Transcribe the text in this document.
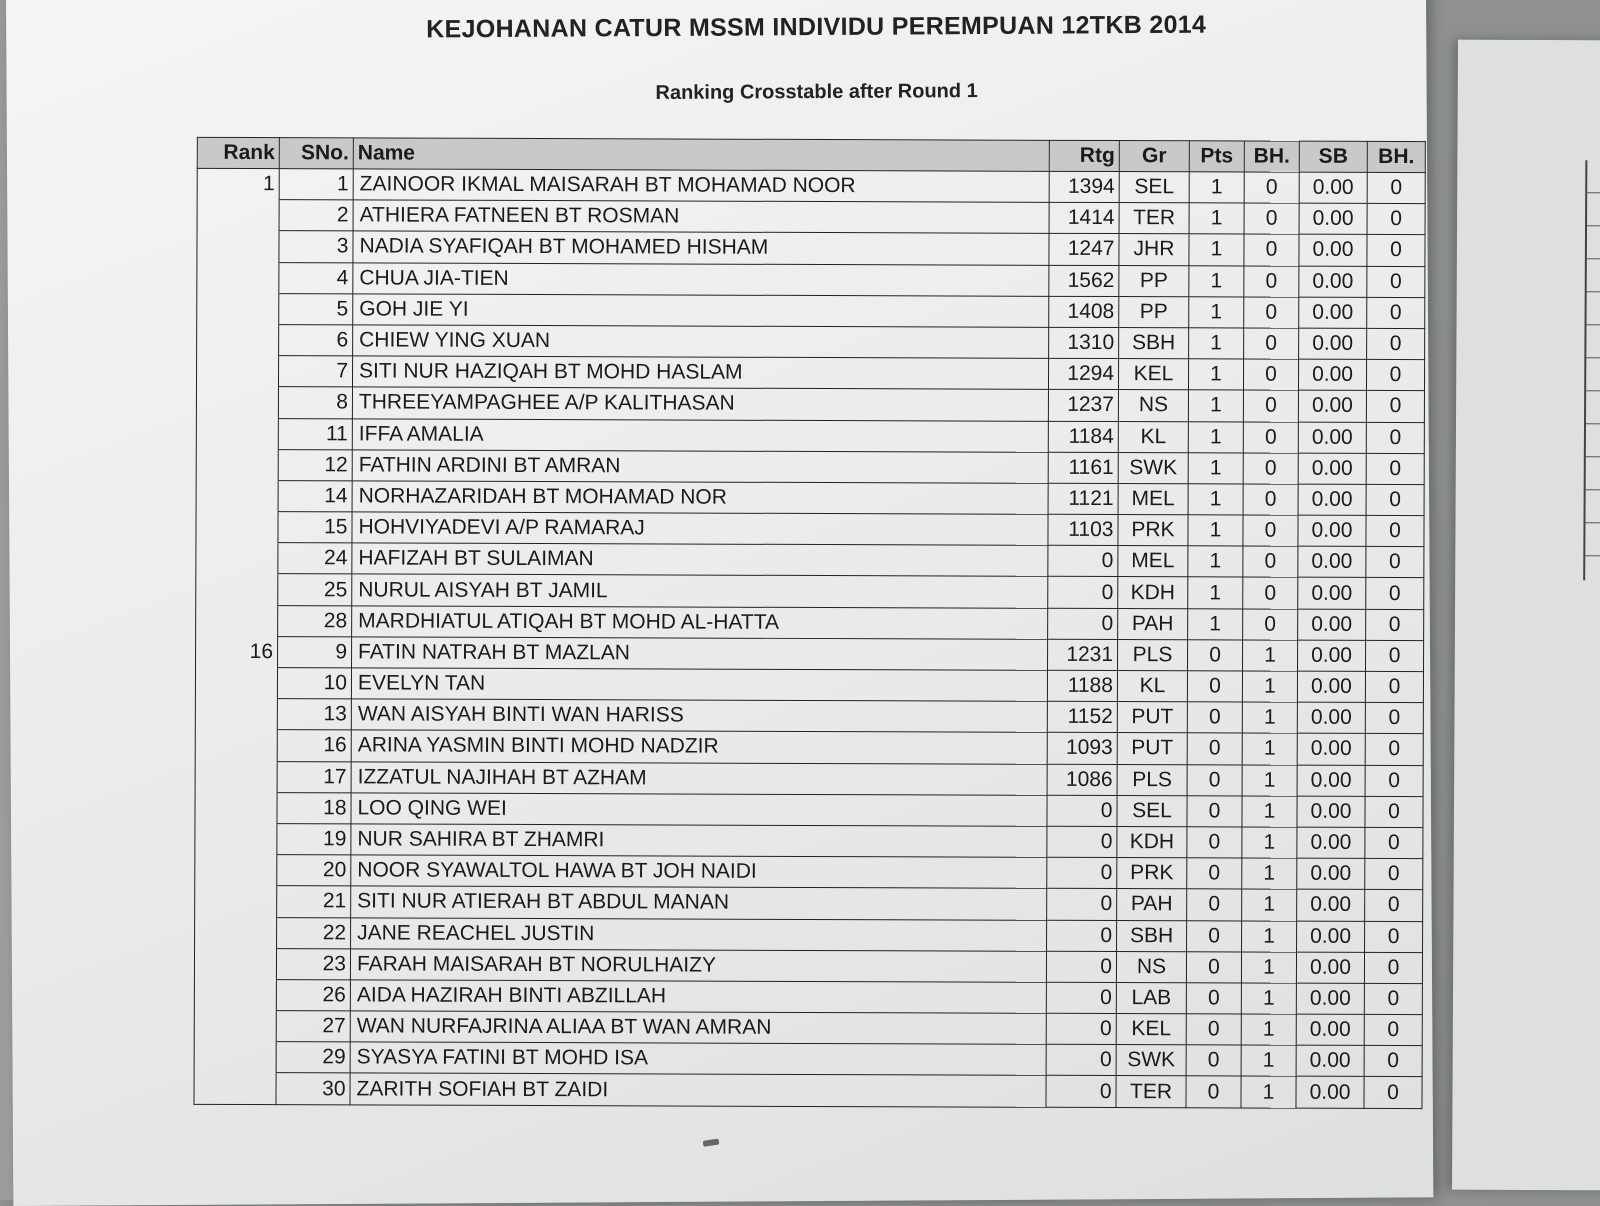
KEJOHANAN CATUR MSSM INDIVIDU PEREMPUAN 12TKB 2014
Ranking Crosstable after Round 1
Rank	SNo.	Name	Rtg	Gr	Pts	BH.	SB	BH.
1	1	ZAINOOR IKMAL MAISARAH BT MOHAMAD NOOR	1394	SEL	1	0	0.00	0
	2	ATHIERA FATNEEN BT ROSMAN	1414	TER	1	0	0.00	0
	3	NADIA SYAFIQAH BT MOHAMED HISHAM	1247	JHR	1	0	0.00	0
	4	CHUA JIA-TIEN	1562	PP	1	0	0.00	0
	5	GOH JIE YI	1408	PP	1	0	0.00	0
	6	CHIEW YING XUAN	1310	SBH	1	0	0.00	0
	7	SITI NUR HAZIQAH BT MOHD HASLAM	1294	KEL	1	0	0.00	0
	8	THREEYAMPAGHEE A/P KALITHASAN	1237	NS	1	0	0.00	0
	11	IFFA AMALIA	1184	KL	1	0	0.00	0
	12	FATHIN ARDINI BT AMRAN	1161	SWK	1	0	0.00	0
	14	NORHAZARIDAH BT MOHAMAD NOR	1121	MEL	1	0	0.00	0
	15	HOHVIYADEVI A/P RAMARAJ	1103	PRK	1	0	0.00	0
	24	HAFIZAH BT SULAIMAN	0	MEL	1	0	0.00	0
	25	NURUL AISYAH BT JAMIL	0	KDH	1	0	0.00	0
	28	MARDHIATUL ATIQAH BT MOHD AL-HATTA	0	PAH	1	0	0.00	0
16	9	FATIN NATRAH BT MAZLAN	1231	PLS	0	1	0.00	0
	10	EVELYN TAN	1188	KL	0	1	0.00	0
	13	WAN AISYAH BINTI WAN HARISS	1152	PUT	0	1	0.00	0
	16	ARINA YASMIN BINTI MOHD NADZIR	1093	PUT	0	1	0.00	0
	17	IZZATUL NAJIHAH BT AZHAM	1086	PLS	0	1	0.00	0
	18	LOO QING WEI	0	SEL	0	1	0.00	0
	19	NUR SAHIRA BT ZHAMRI	0	KDH	0	1	0.00	0
	20	NOOR SYAWALTOL HAWA BT JOH NAIDI	0	PRK	0	1	0.00	0
	21	SITI NUR ATIERAH BT ABDUL MANAN	0	PAH	0	1	0.00	0
	22	JANE REACHEL JUSTIN	0	SBH	0	1	0.00	0
	23	FARAH MAISARAH BT NORULHAIZY	0	NS	0	1	0.00	0
	26	AIDA HAZIRAH BINTI ABZILLAH	0	LAB	0	1	0.00	0
	27	WAN NURFAJRINA ALIAA BT WAN AMRAN	0	KEL	0	1	0.00	0
	29	SYASYA FATINI BT MOHD ISA	0	SWK	0	1	0.00	0
	30	ZARITH SOFIAH BT ZAIDI	0	TER	0	1	0.00	0
